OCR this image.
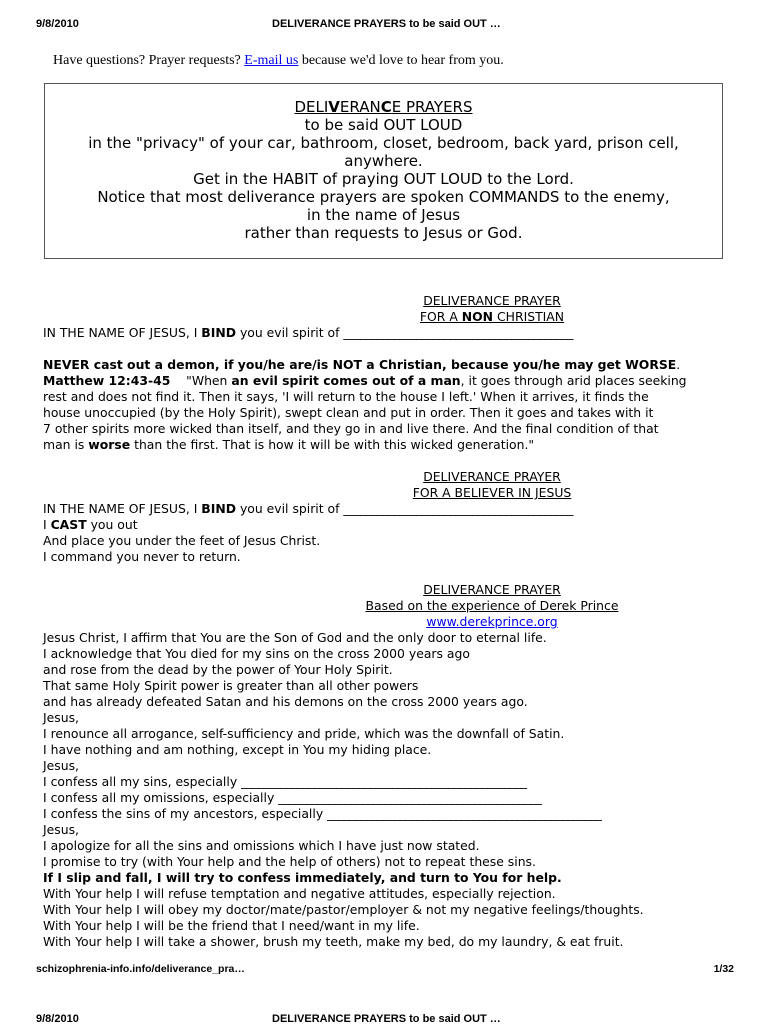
9/8/2010	DELIVERANCE PRAYERS to be said OUT …
Have questions? Prayer requests? E-mail us because we'd love to hear from you.
DELIVERANCE PRAYERS
to be said OUT LOUD
in the "privacy" of your car, bathroom, closet, bedroom, back yard, prison cell,
anywhere.
Get in the HABIT of praying OUT LOUD to the Lord.
Notice that most deliverance prayers are spoken COMMANDS to the enemy,
in the name of Jesus
rather than requests to Jesus or God.
DELIVERANCE PRAYER
FOR A NON CHRISTIAN
IN THE NAME OF JESUS, I BIND you evil spirit of _________________________________________
NEVER cast out a demon, if you/he are/is NOT a Christian, because you/he may get WORSE.
Matthew 12:43-45    "When an evil spirit comes out of a man, it goes through arid places seeking
rest and does not find it. Then it says, 'I will return to the house I left.' When it arrives, it finds the
house unoccupied (by the Holy Spirit), swept clean and put in order. Then it goes and takes with it
7 other spirits more wicked than itself, and they go in and live there. And the final condition of that
man is worse than the first. That is how it will be with this wicked generation."
DELIVERANCE PRAYER
FOR A BELIEVER IN JESUS
IN THE NAME OF JESUS, I BIND you evil spirit of _________________________________________
I CAST you out
And place you under the feet of Jesus Christ.
I command you never to return.
DELIVERANCE PRAYER
Based on the experience of Derek Prince
www.derekprince.org
Jesus Christ, I affirm that You are the Son of God and the only door to eternal life.
I acknowledge that You died for my sins on the cross 2000 years ago
and rose from the dead by the power of Your Holy Spirit.
That same Holy Spirit power is greater than all other powers
and has already defeated Satan and his demons on the cross 2000 years ago.
Jesus,
I renounce all arrogance, self-sufficiency and pride, which was the downfall of Satin.
I have nothing and am nothing, except in You my hiding place.
Jesus,
I confess all my sins, especially ___________________________________________________
I confess all my omissions, especially _______________________________________________
I confess the sins of my ancestors, especially _________________________________________________
Jesus,
I apologize for all the sins and omissions which I have just now stated.
I promise to try (with Your help and the help of others) not to repeat these sins.
If I slip and fall, I will try to confess immediately, and turn to You for help.
With Your help I will refuse temptation and negative attitudes, especially rejection.
With Your help I will obey my doctor/mate/pastor/employer & not my negative feelings/thoughts.
With Your help I will be the friend that I need/want in my life.
With Your help I will take a shower, brush my teeth, make my bed, do my laundry, & eat fruit.
schizophrenia-info.info/deliverance_pra…	1/32
9/8/2010	DELIVERANCE PRAYERS to be said OUT …
